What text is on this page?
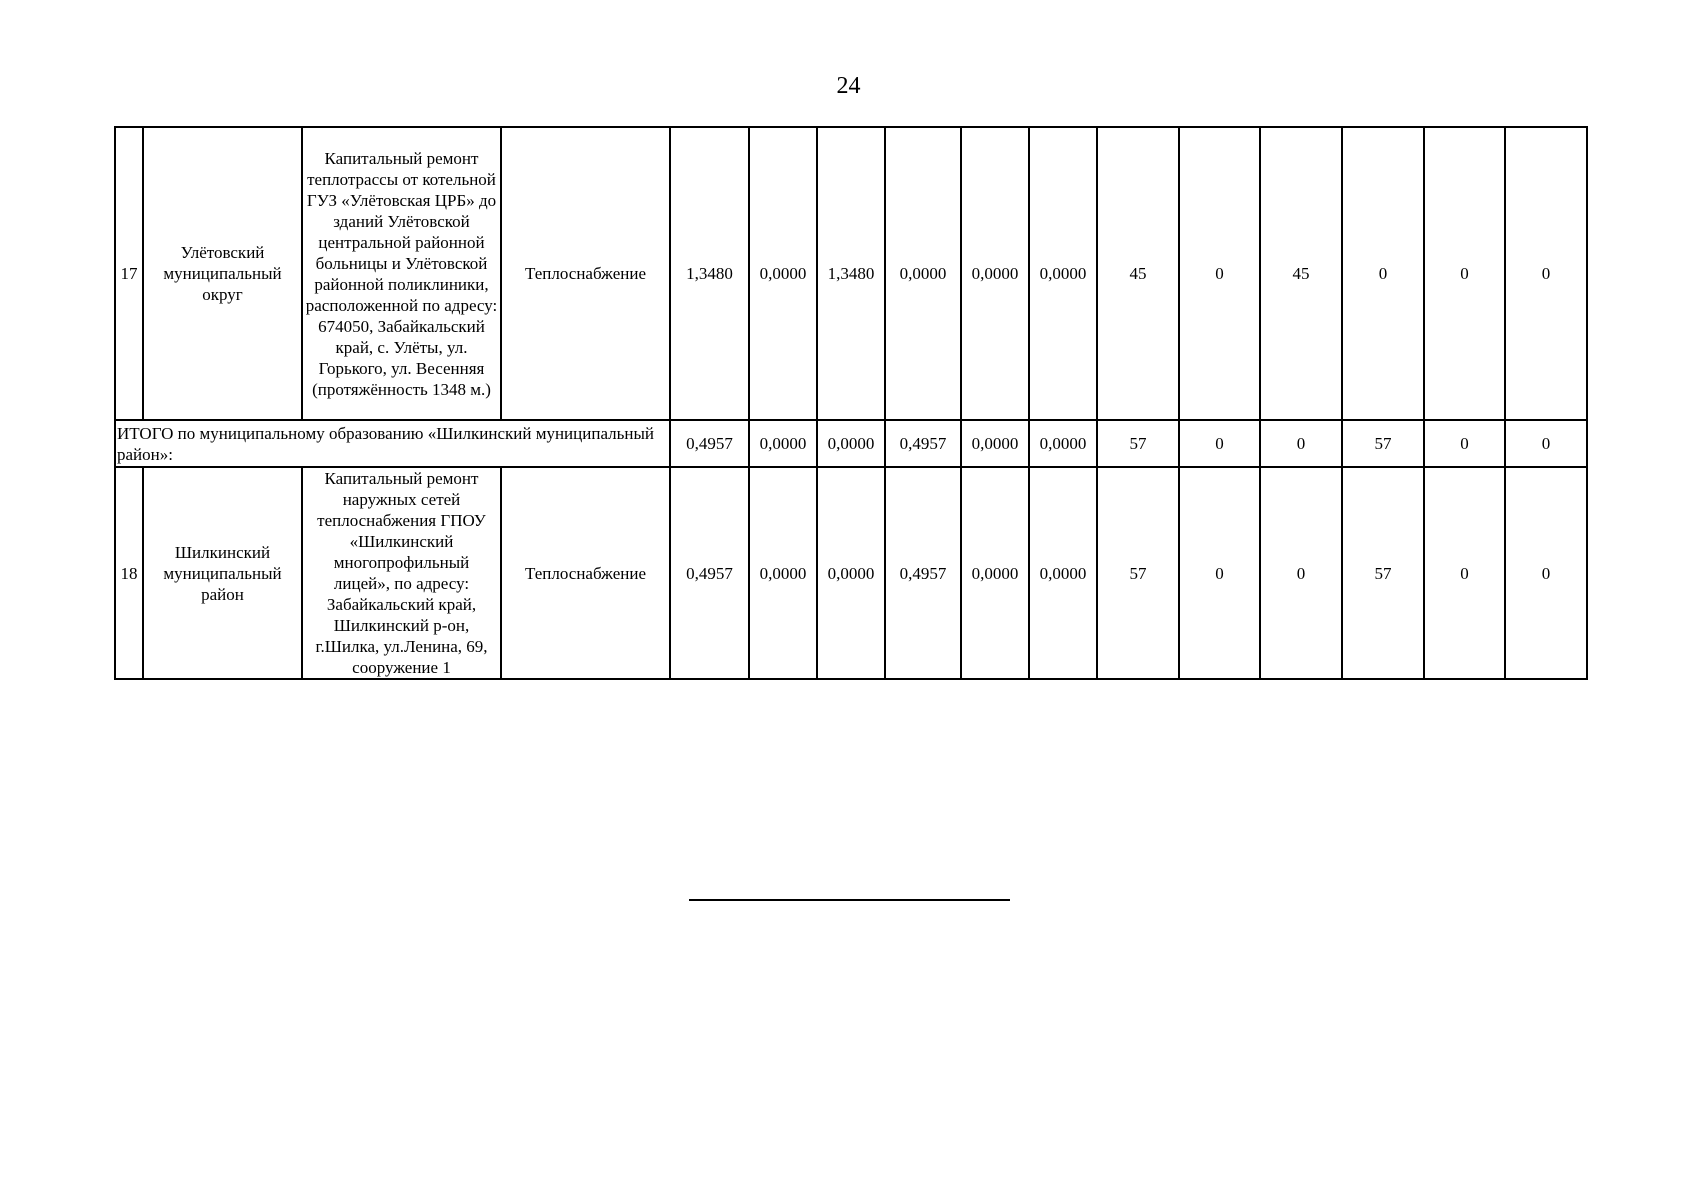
24
17	Улётовский муниципальный округ	Капитальный ремонт теплотрассы от котельной ГУЗ «Улётовская ЦРБ» до зданий Улётовской центральной районной больницы и Улётовской районной поликлиники, расположенной по адресу: 674050, Забайкальский край, с. Улёты, ул. Горького, ул. Весенняя (протяжённость 1348 м.)	Теплоснабжение	1,3480	0,0000	1,3480	0,0000	0,0000	0,0000	45	0	45	0	0	0
ИТОГО по муниципальному образованию «Шилкинский муниципальный район»:				0,4957	0,0000	0,0000	0,4957	0,0000	0,0000	57	0	0	57	0	0
18	Шилкинский муниципальный район	Капитальный ремонт наружных сетей теплоснабжения ГПОУ «Шилкинский многопрофильный лицей», по адресу: Забайкальский край, Шилкинский р-он, г.Шилка, ул.Ленина, 69, сооружение 1	Теплоснабжение	0,4957	0,0000	0,0000	0,4957	0,0000	0,0000	57	0	0	57	0	0
